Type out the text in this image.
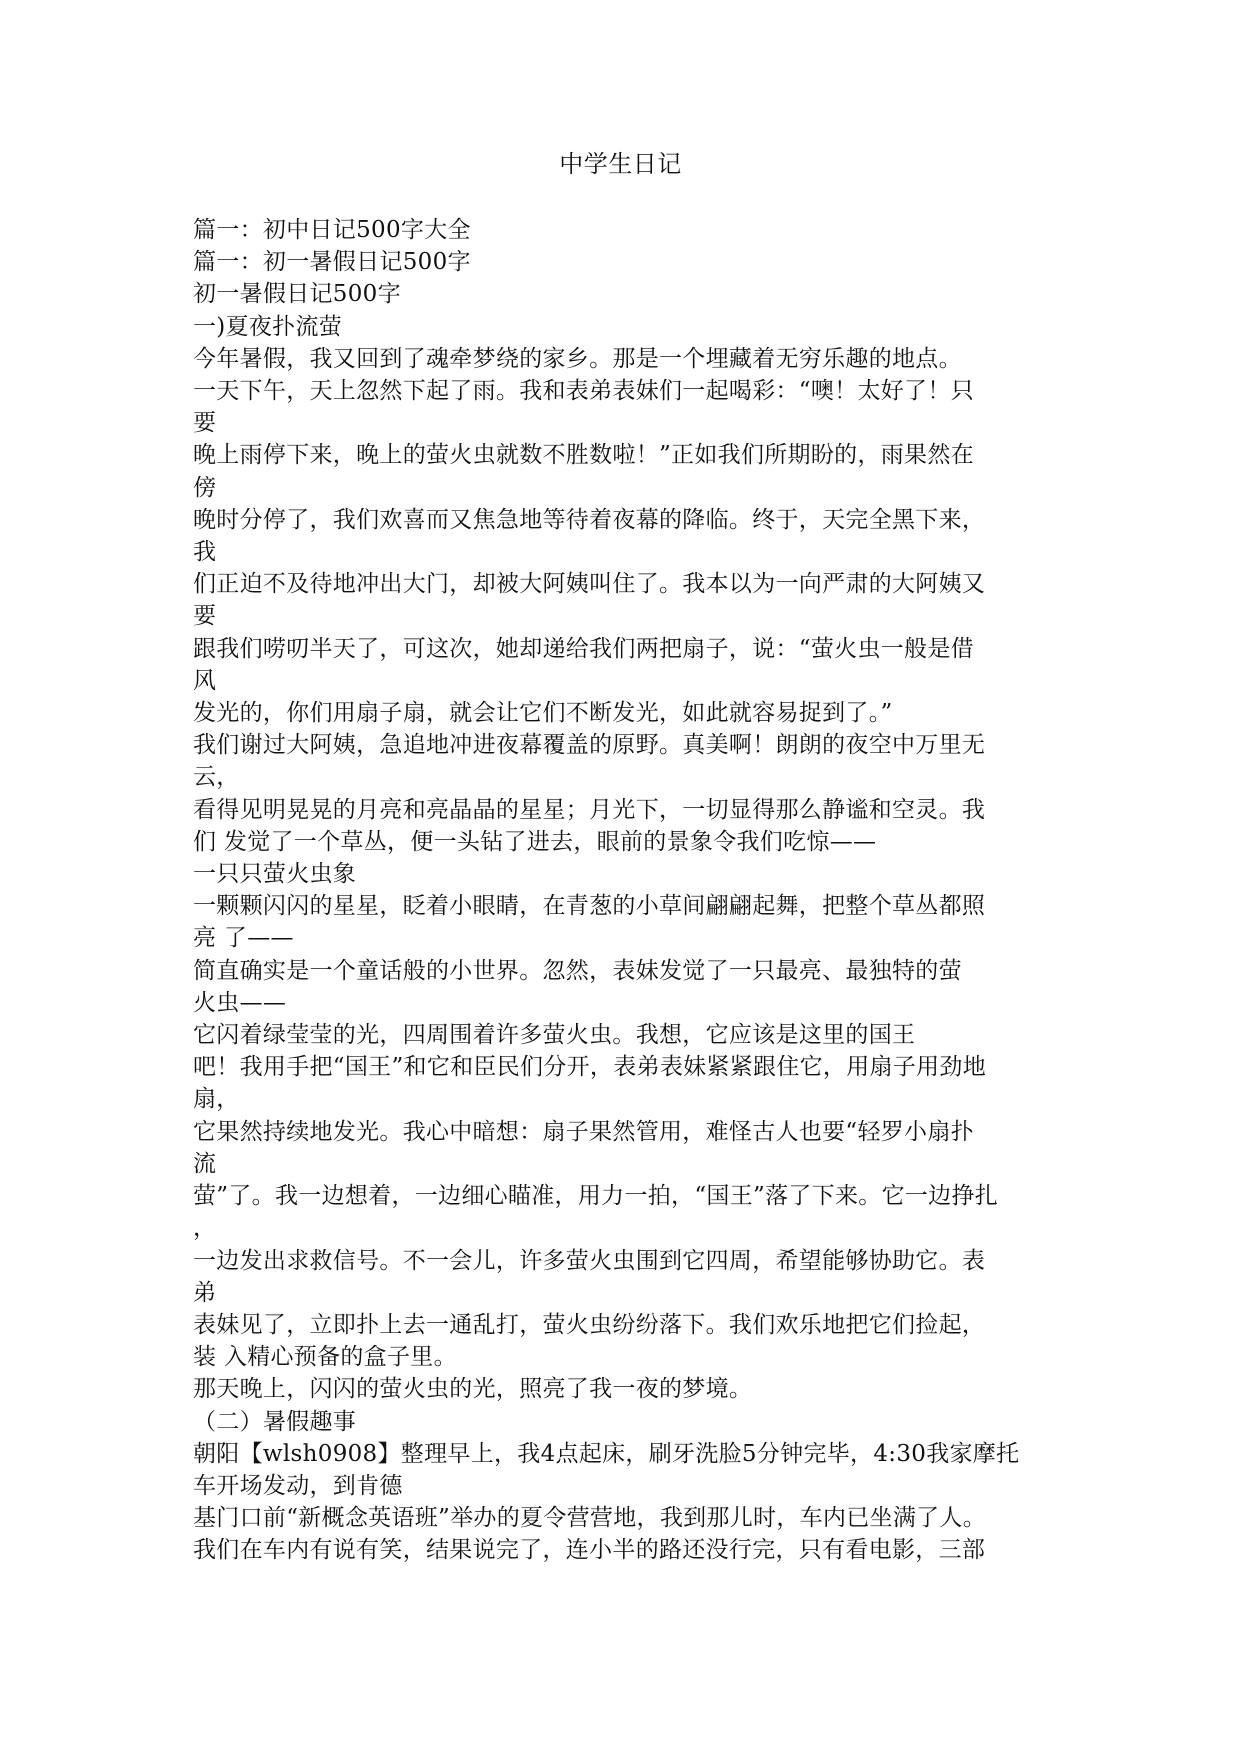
中学生日记
篇一：初中日记500字大全
篇一：初一暑假日记500字
初一暑假日记500字
一)夏夜扑流萤
今年暑假，我又回到了魂牵梦绕的家乡。那是一个埋藏着无穷乐趣的地点。
一天下午，天上忽然下起了雨。我和表弟表妹们一起喝彩：“噢！太好了！只
要
晚上雨停下来，晚上的萤火虫就数不胜数啦！”正如我们所期盼的，雨果然在
傍
晚时分停了，我们欢喜而又焦急地等待着夜幕的降临。终于，天完全黑下来，
我
们正迫不及待地冲出大门，却被大阿姨叫住了。我本以为一向严肃的大阿姨又
要
跟我们唠叨半天了，可这次，她却递给我们两把扇子，说：“萤火虫一般是借
风
发光的，你们用扇子扇，就会让它们不断发光，如此就容易捉到了。”
我们谢过大阿姨，急追地冲进夜幕覆盖的原野。真美啊！朗朗的夜空中万里无
云，
看得见明晃晃的月亮和亮晶晶的星星；月光下，一切显得那么静谧和空灵。我
们 发觉了一个草丛，便一头钻了进去，眼前的景象令我们吃惊——
一只只萤火虫象
一颗颗闪闪的星星，眨着小眼睛，在青葱的小草间翩翩起舞，把整个草丛都照
亮 了——
简直确实是一个童话般的小世界。忽然，表妹发觉了一只最亮、最独特的萤
火虫——
它闪着绿莹莹的光，四周围着许多萤火虫。我想，它应该是这里的国王
吧！我用手把“国王”和它和臣民们分开，表弟表妹紧紧跟住它，用扇子用劲地
扇，
它果然持续地发光。我心中暗想：扇子果然管用，难怪古人也要“轻罗小扇扑
流
萤”了。我一边想着，一边细心瞄准，用力一拍，“国王”落了下来。它一边挣扎
，
一边发出求救信号。不一会儿，许多萤火虫围到它四周，希望能够协助它。表
弟
表妹见了，立即扑上去一通乱打，萤火虫纷纷落下。我们欢乐地把它们捡起，
装 入精心预备的盒子里。
那天晚上，闪闪的萤火虫的光，照亮了我一夜的梦境。
（二）暑假趣事
朝阳【wlsh0908】整理早上，我4点起床，刷牙洗脸5分钟完毕，4:30我家摩托
车开场发动，到肯德
基门口前“新概念英语班”举办的夏令营营地，我到那儿时，车内已坐满了人。
我们在车内有说有笑，结果说完了，连小半的路还没行完，只有看电影，三部
